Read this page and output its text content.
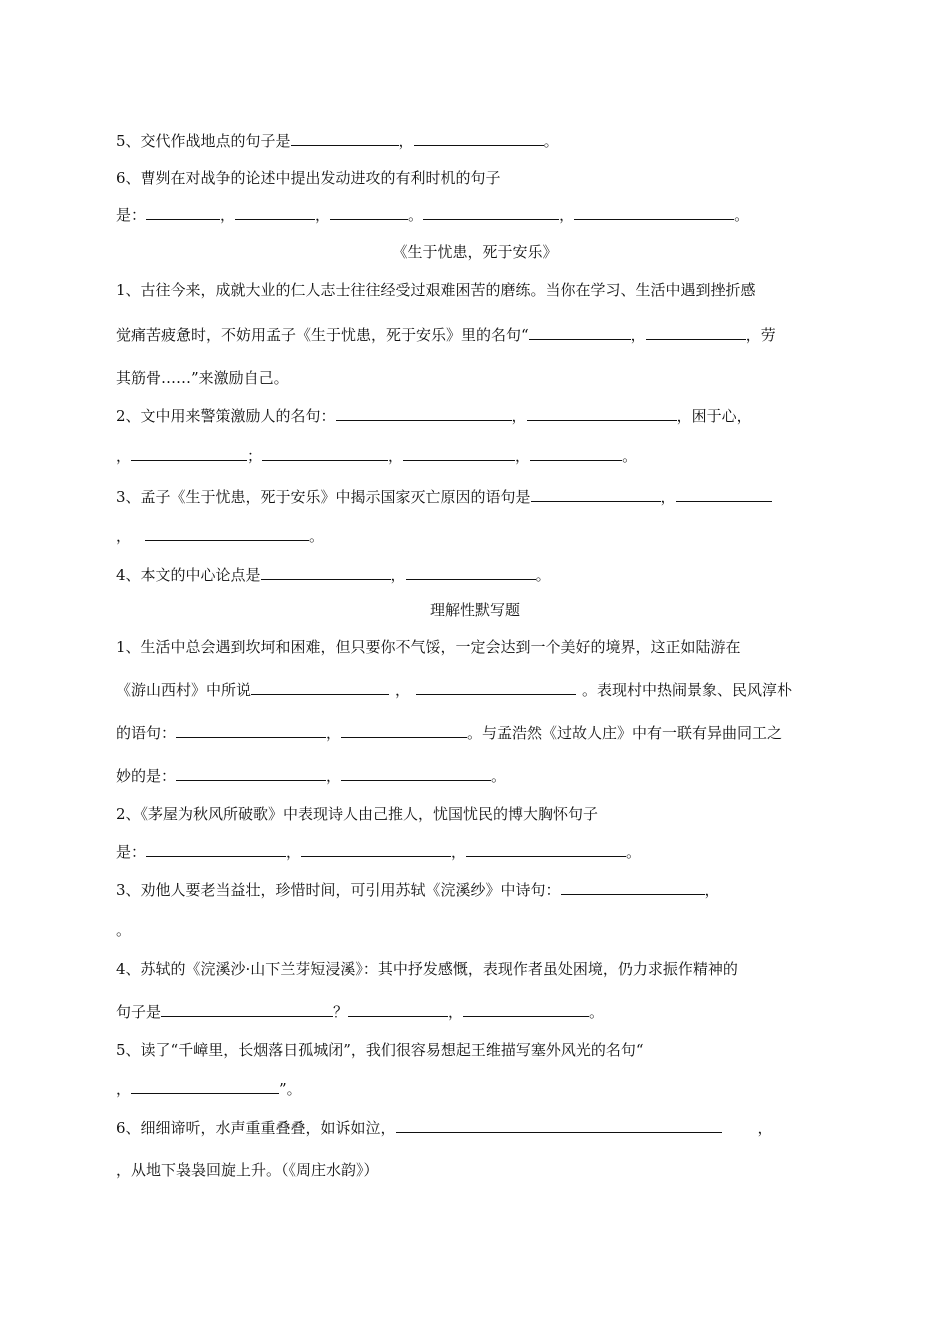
5、交代作战地点的句子是	，	。
6、曹刿在对战争的论述中提出发动进攻的有利时机的句子
是：	，	，	。	，	。
《生于忧患，死于安乐》
1、古往今来，成就大业的仁人志士往往经受过艰难困苦的磨练。当你在学习、生活中遇到挫折感
觉痛苦疲惫时，不妨用孟子《生于忧患，死于安乐》里的名句“	，	，劳
其筋骨……”来激励自己。
2、文中用来警策激励人的名句：	，	，困于心，
，	；	，	，	。
3、孟子《生于忧患，死于安乐》中揭示国家灭亡原因的语句是	，
，	。
4、本文的中心论点是	，	。
理解性默写题
1、生活中总会遇到坎坷和困难，但只要你不气馁，一定会达到一个美好的境界，这正如陆游在
《游山西村》中所说	，	。表现村中热闹景象、民风淳朴
的语句：	，	。与孟浩然《过故人庄》中有一联有异曲同工之
妙的是：	，	。
2、《茅屋为秋风所破歌》中表现诗人由己推人，忧国忧民的博大胸怀句子
是：	，	，	。
3、劝他人要老当益壮，珍惜时间，可引用苏轼《浣溪纱》中诗句：	，
。
4、苏轼的《浣溪沙·山下兰芽短浸溪》：其中抒发感慨，表现作者虽处困境，仍力求振作精神的
句子是	？	，	。
5、读了“千嶂里，长烟落日孤城闭”，我们很容易想起王维描写塞外风光的名句“
，	”。
6、细细谛听，水声重重叠叠，如诉如泣，	，
，从地下袅袅回旋上升。（《周庄水韵》）
